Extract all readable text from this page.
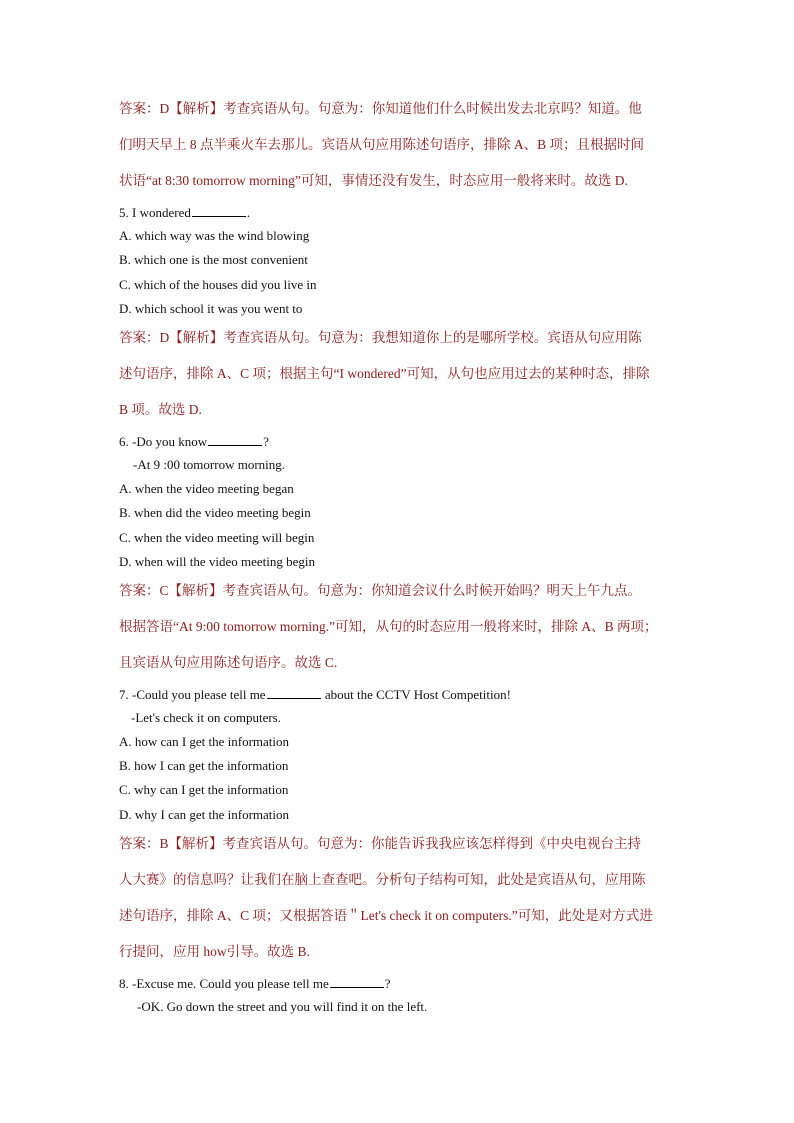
答案：D【解析】考查宾语从句。句意为：你知道他们什么时候出发去北京吗？知道。他
们明天早上 8 点半乘火车去那儿。宾语从句应用陈述句语序，排除 A、B 项；且根据时间
状语“at 8:30 tomorrow morning”可知，事情还没有发生，时态应用一般将来时。故选 D.
5. I wondered	.
A. which way was the wind blowing
B. which one is the most convenient
C. which of the houses did you live in
D. which school it was you went to
答案：D【解析】考查宾语从句。句意为：我想知道你上的是哪所学校。宾语从句应用陈
述句语序，排除 A、C 项；根据主句“I wondered”可知，从句也应用过去的某种时态，排除
B 项。故选 D.
6. -Do you know	?
-At 9 :00 tomorrow morning.
A. when the video meeting began
B. when did the video meeting begin
C. when the video meeting will begin
D. when will the video meeting begin
答案：C【解析】考查宾语从句。句意为：你知道会议什么时候开始吗？明天上午九点。
根据答语“At 9:00 tomorrow morning.”可知，从句的时态应用一般将来时，排除 A、B 两项；
且宾语从句应用陈述句语序。故选 C.
7. -Could you please tell me	about the CCTV Host Competition!
-Let's check it on computers.
A. how can I get the information
B. how I can get the information
C. why can I get the information
D. why I can get the information
答案：B【解析】考查宾语从句。句意为：你能告诉我我应该怎样得到《中央电视台主持
人大赛》的信息吗？让我们在脑上查查吧。分析句子结构可知，此处是宾语从句，应用陈
述句语序，排除 A、C 项；又根据答语＂Let's check it on computers.”可知，此处是对方式进
行提问，应用 how引导。故选 B.
8. -Excuse me. Could you please tell me	?
-OK. Go down the street and you will find it on the left.
